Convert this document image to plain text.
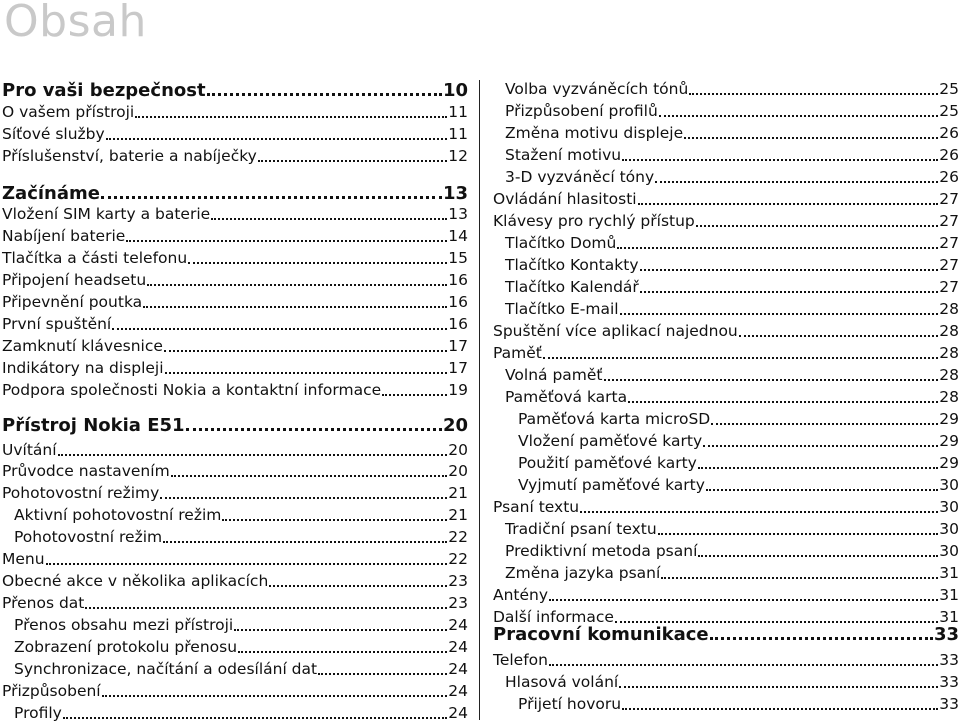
Obsah
Pro vaši bezpečnost	10
O vašem přístroji	11
Síťové služby	11
Příslušenství, baterie a nabíječky	12
Začínáme	13
Vložení SIM karty a baterie	13
Nabíjení baterie	14
Tlačítka a části telefonu	15
Připojení headsetu	16
Připevnění poutka	16
První spuštění	16
Zamknutí klávesnice	17
Indikátory na displeji	17
Podpora společnosti Nokia a kontaktní informace	19
Přístroj Nokia E51	20
Uvítání	20
Průvodce nastavením	20
Pohotovostní režimy	21
Aktivní pohotovostní režim	21
Pohotovostní režim	22
Menu	22
Obecné akce v několika aplikacích	23
Přenos dat	23
Přenos obsahu mezi přístroji	24
Zobrazení protokolu přenosu	24
Synchronizace, načítání a odesílání dat	24
Přizpůsobení	24
Profily	24
Volba vyzváněcích tónů	25
Přizpůsobení profilů	25
Změna motivu displeje	26
Stažení motivu	26
3-D vyzváněcí tóny	26
Ovládání hlasitosti	27
Klávesy pro rychlý přístup	27
Tlačítko Domů	27
Tlačítko Kontakty	27
Tlačítko Kalendář	27
Tlačítko E-mail	28
Spuštění více aplikací najednou	28
Paměť	28
Volná paměť	28
Paměťová karta	28
Paměťová karta microSD	29
Vložení paměťové karty	29
Použití paměťové karty	29
Vyjmutí paměťové karty	30
Psaní textu	30
Tradiční psaní textu	30
Prediktivní metoda psaní	30
Změna jazyka psaní	31
Antény	31
Další informace	31
Pracovní komunikace	33
Telefon	33
Hlasová volání	33
Přijetí hovoru	33
